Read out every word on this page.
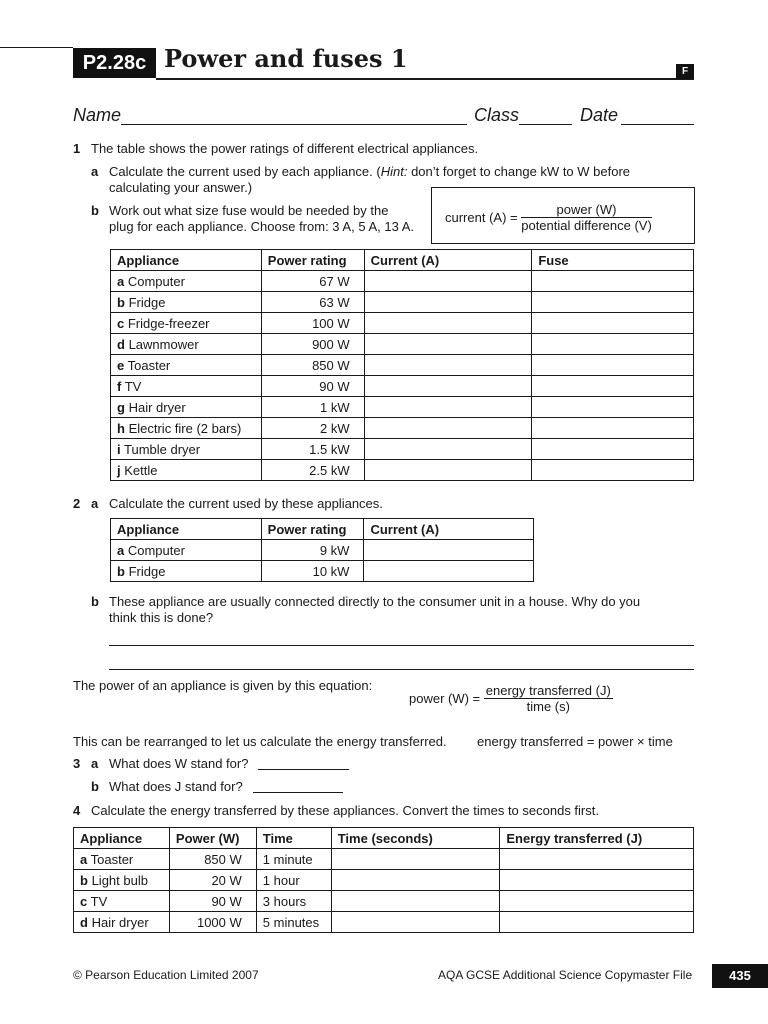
P2.28c Power and fuses 1	F
Name	Class	Date
1 The table shows the power ratings of different electrical appliances.
a Calculate the current used by each appliance. (Hint: don’t forget to change kW to W before
calculating your answer.)
b Work out what size fuse would be needed by the
plug for each appliance. Choose from: 3 A, 5 A, 13 A.
current $(A) = \frac{\text{power (W)}}{\text{potential difference (V)}}$
Appliance	Power rating	Current (A)	Fuse
a Computer	67 W		
b Fridge	63 W		
c Fridge-freezer	100 W		
d Lawnmower	900 W		
e Toaster	850 W		
f TV	90 W		
g Hair dryer	1 kW		
h Electric fire (2 bars)	2 kW		
i Tumble dryer	1.5 kW		
j Kettle	2.5 kW		
2 a Calculate the current used by these appliances.
Appliance	Power rating	Current (A)
a Computer	9 kW	
b Fridge	10 kW	
b These appliance are usually connected directly to the consumer unit in a house. Why do you
think this is done?
The power of an appliance is given by this equation:
power $(W) = \frac{\text{energy transferred (J)}}{\text{time (s)}}$
This can be rearranged to let us calculate the energy transferred. energy transferred = power × time
3 a What does W stand for?
b What does J stand for?
4 Calculate the energy transferred by these appliances. Convert the times to seconds first.
Appliance	Power (W)	Time	Time (seconds)	Energy transferred (J)
a Toaster	850 W	1 minute		
b Light bulb	20 W	1 hour		
c TV	90 W	3 hours		
d Hair dryer	1000 W	5 minutes		
© Pearson Education Limited 2007	AQA GCSE Additional Science Copymaster File	435
